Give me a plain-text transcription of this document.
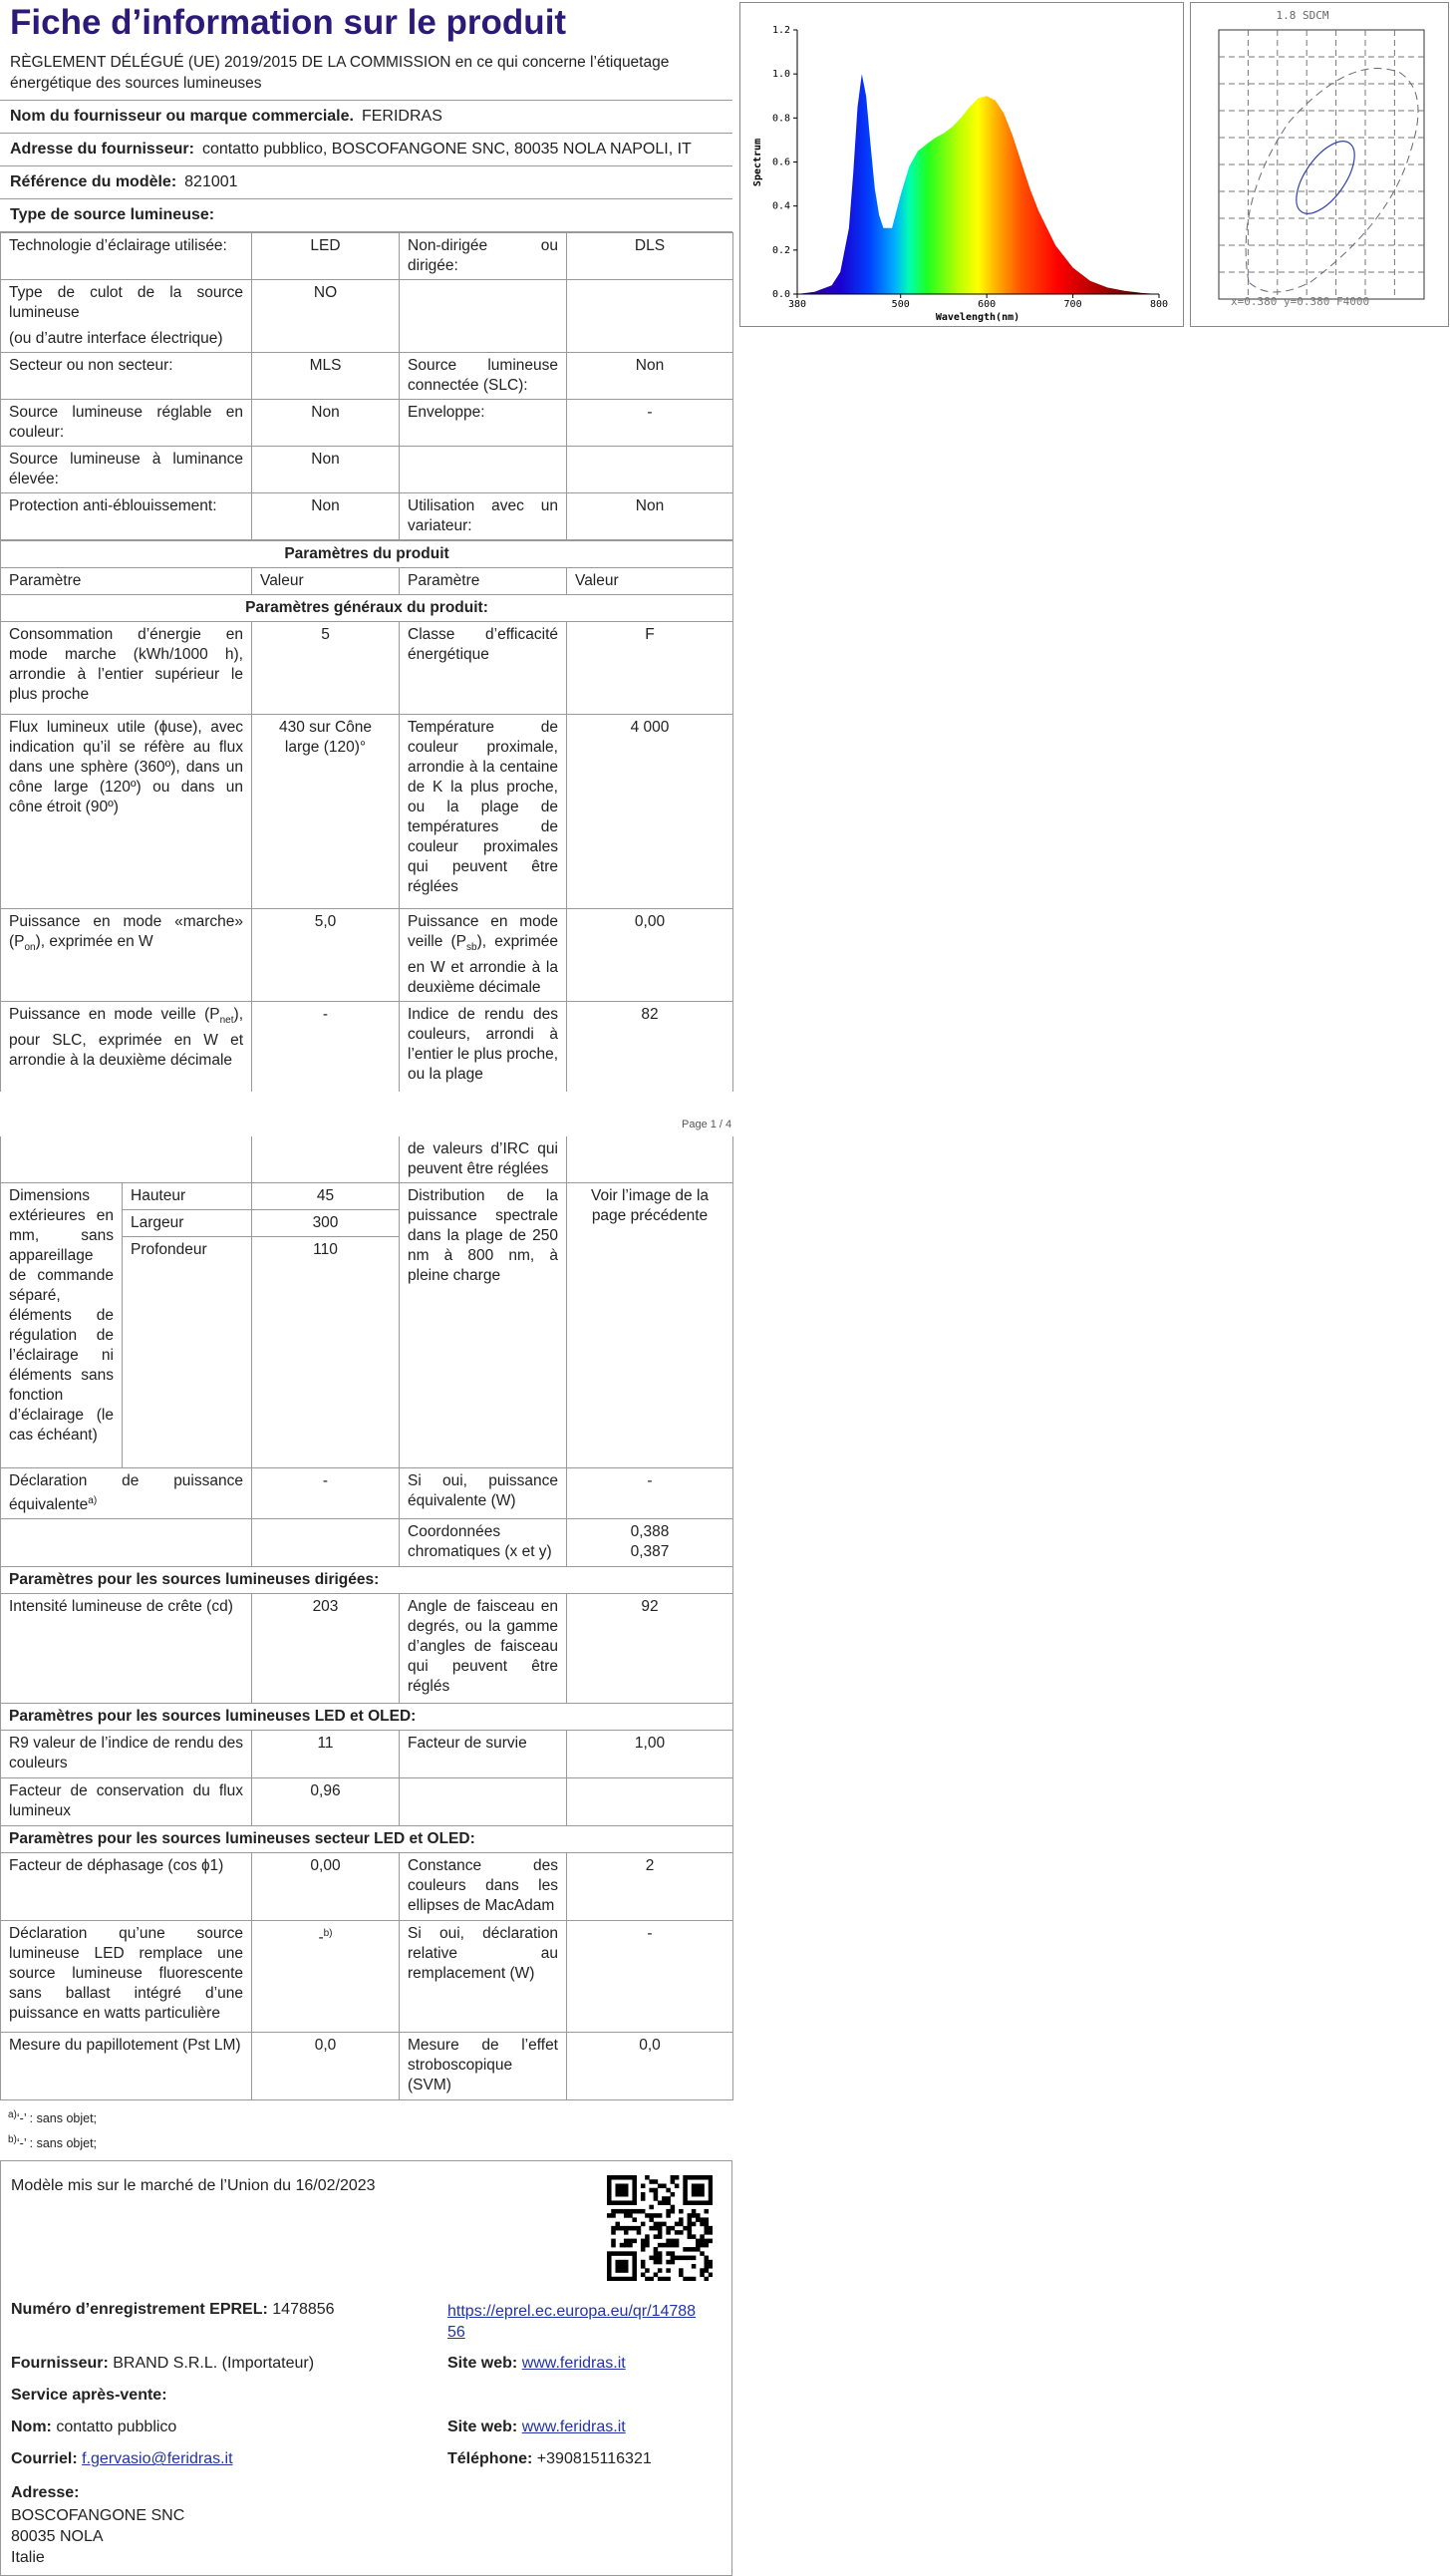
Fiche d’information sur le produit
RÈGLEMENT DÉLÉGUÉ (UE) 2019/2015 DE LA COMMISSION en ce qui concerne l’étiquetage énergétique des sources lumineuses
Nom du fournisseur ou marque commerciale. FERIDRAS
Adresse du fournisseur: contatto pubblico, BOSCOFANGONE SNC, 80035 NOLA NAPOLI, IT
Référence du modèle: 821001
Type de source lumineuse:
Technologie d’éclairage utilisée:	LED	Non-dirigée ou dirigée:	DLS

Type de culot de la source lumineuse
(ou d’autre interface électrique)	NO		
Secteur ou non secteur:	MLS	Source lumineuse connectée (SLC):	Non
Source lumineuse réglable en couleur:	Non	Enveloppe:	-
Source lumineuse à luminance élevée:	Non		
Protection anti-éblouissement:	Non	Utilisation avec un variateur:	Non
Paramètres du produit			
Paramètre	Valeur	Paramètre	Valeur
Paramètres généraux du produit:			
Consommation d’énergie en mode marche (kWh/1000 h), arrondie à l’entier supérieur le plus proche	5	Classe d’efficacité énergétique	F
Flux lumineux utile (ɸuse), avec indication qu’il se réfère au flux dans une sphère (360º), dans un cône large (120º) ou dans un cône étroit (90º)	430 sur Cône large (120)°	Température de couleur proximale, arrondie à la centaine de K la plus proche, ou la plage de températures de couleur proximales qui peuvent être réglées	4 000
Puissance en mode «marche» $(P_{on})$, exprimée en W	5,0	Puissance en mode veille $(P_{sb})$, exprimée en W et arrondie à la deuxième décimale	0,00
Puissance en mode veille $(P_{net})$, pour SLC, exprimée en W et arrondie à la deuxième décimale	-	Indice de rendu des couleurs, arrondi à l’entier le plus proche, ou la plage	82
0.0
0.2
0.4
0.6
0.8
1.0
1.2
380	500	600	700	800
Wavelength(nm)
Spectrum
1.8 SDCM
x=0.380 y=0.380 F4000
Page 1 / 4
			de valeurs d’IRC qui peuvent être réglées	
Dimensions extérieures en mm, sans appareillage de commande séparé, éléments de régulation de l’éclairage ni éléments sans fonction d’éclairage (le cas échéant)	Hauteur	45	Distribution de la puissance spectrale dans la plage de 250 nm à 800 nm, à pleine charge	Voir l’image de la page précédente
	Largeur	300		
	Profondeur	110		
Déclaration de puissance équivalente$^{a)}$		-	Si oui, puissance équivalente (W)	-
			Coordonnées chromatiques (x et y)	0,388
0,387

Paramètres pour les sources lumineuses dirigées:				
Intensité lumineuse de crête (cd)		203	Angle de faisceau en degrés, ou la gamme d’angles de faisceau qui peuvent être réglés	92
Paramètres pour les sources lumineuses LED et OLED:				
R9 valeur de l’indice de rendu des couleurs		11	Facteur de survie	1,00
Facteur de conservation du flux lumineux		0,96		
Paramètres pour les sources lumineuses secteur LED et OLED:				
Facteur de déphasage (cos ɸ1)		0,00	Constance des couleurs dans les ellipses de MacAdam	2
Déclaration qu’une source lumineuse LED remplace une source lumineuse fluorescente sans ballast intégré d’une puissance en watts particulière		-$^{b)}$	Si oui, déclaration relative au remplacement (W)	-
Mesure du papillotement (Pst LM)		0,0	Mesure de l’effet stroboscopique (SVM)	0,0
$^{a)}$‘-’ : sans objet;
$^{b)}$‘-’ : sans objet;
Modèle mis sur le marché de l’Union du 16/02/2023
Numéro d’enregistrement EPREL: 1478856	https://eprel.ec.europa.eu/qr/1478856
Fournisseur: BRAND S.R.L. (Importateur)	Site web: www.feridras.it
Service après-vente:
Nom: contatto pubblico	Site web: www.feridras.it
Courriel: f.gervasio@feridras.it	Téléphone: +390815116321
Adresse:
BOSCOFANGONE SNC
80035 NOLA
Italie
